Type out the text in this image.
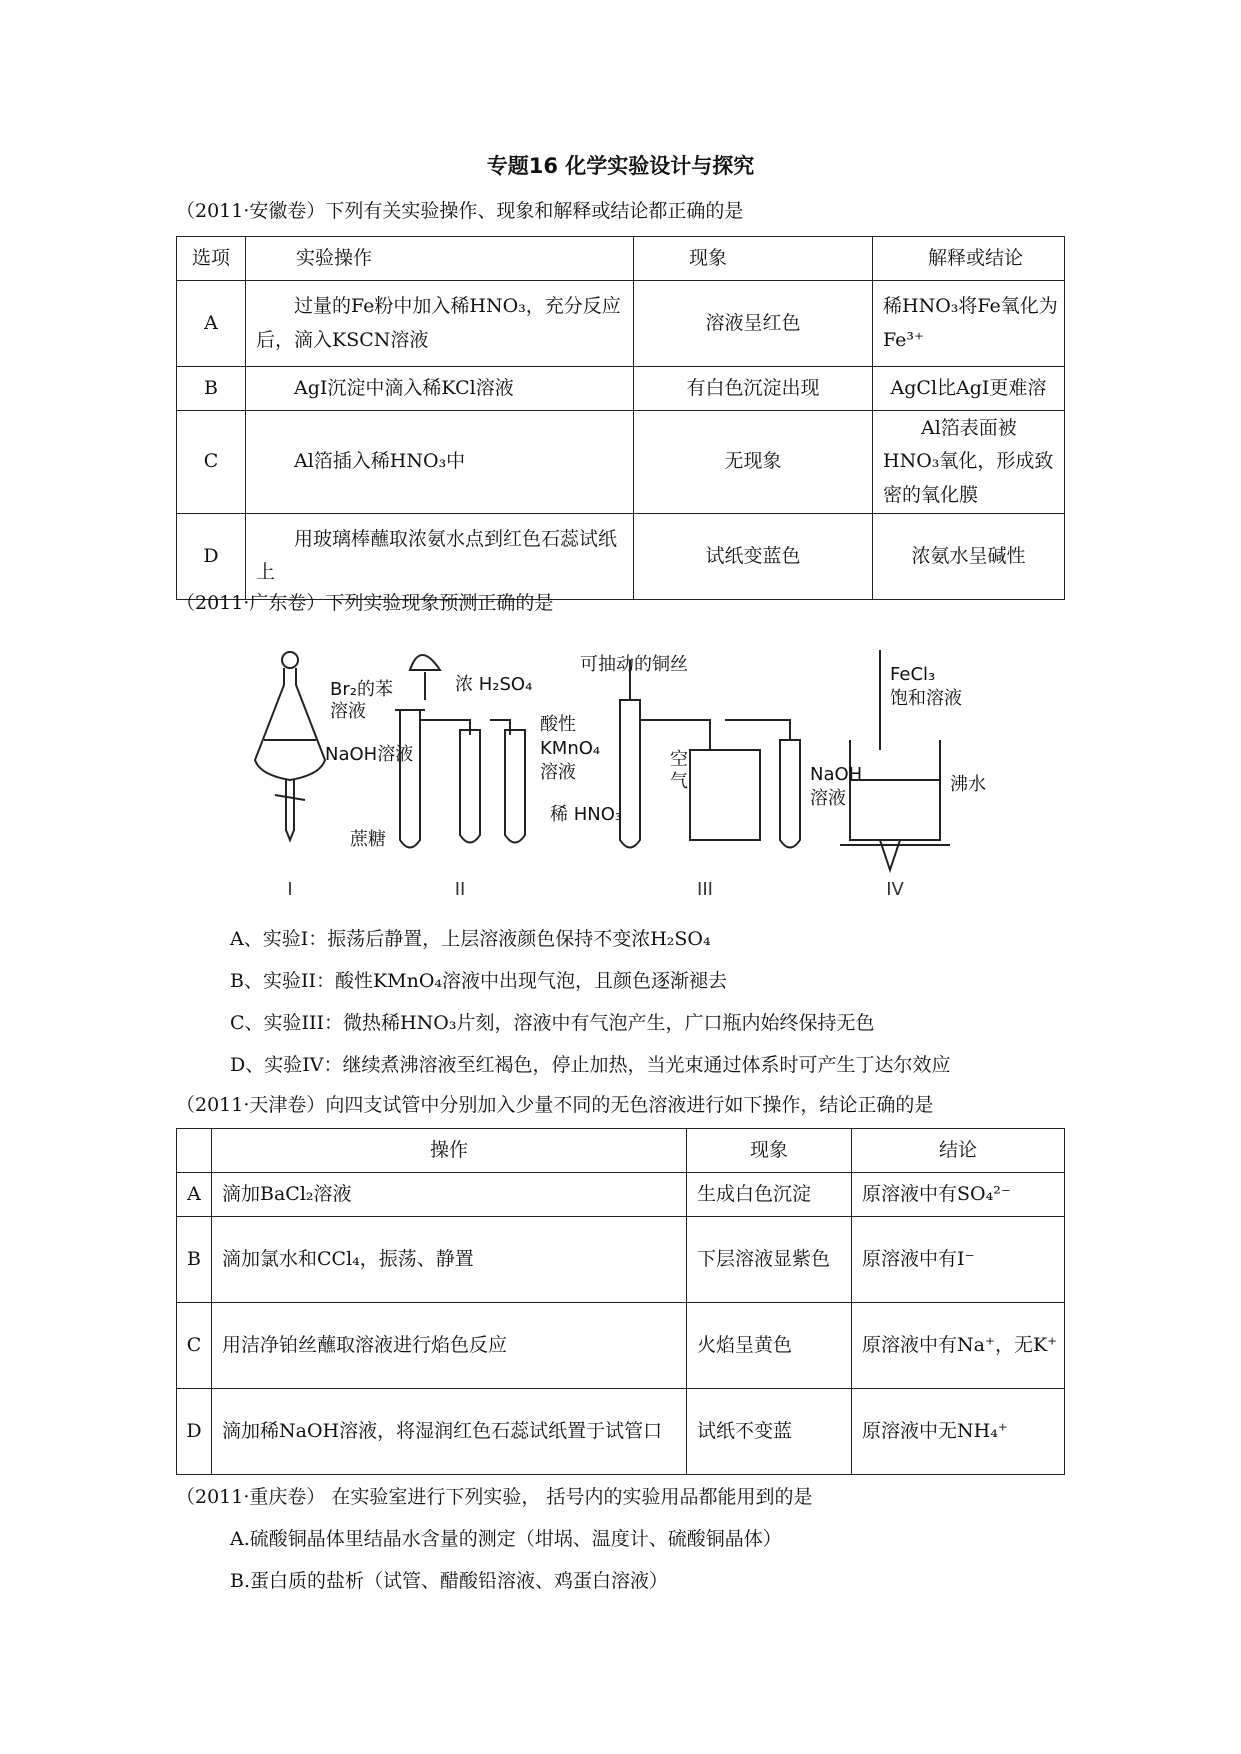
专题16 化学实验设计与探究
（2011·安徽卷）下列有关实验操作、现象和解释或结论都正确的是
选项	实验操作	现象	解释或结论
A	过量的Fe粉中加入稀HNO₃，充分反应后，滴入KSCN溶液	溶液呈红色	稀HNO₃将Fe氧化为Fe³⁺
B	AgI沉淀中滴入稀KCl溶液	有白色沉淀出现	AgCl比AgI更难溶
C	Al箔插入稀HNO₃中	无现象	Al箔表面被HNO₃氧化，形成致密的氧化膜
D	用玻璃棒蘸取浓氨水点到红色石蕊试纸上	试纸变蓝色	浓氨水呈碱性
（2011·广东卷）下列实验现象预测正确的是
Br₂的苯
溶液
NaOH溶液
蔗糖
浓 H₂SO₄
酸性
KMnO₄
溶液
可抽动的铜丝
空
气
稀 HNO₃
NaOH
溶液
FeCl₃
饱和溶液
沸水
I	II	III	IV
A、实验I：振荡后静置，上层溶液颜色保持不变浓H₂SO₄
B、实验II：酸性KMnO₄溶液中出现气泡，且颜色逐渐褪去
C、实验III：微热稀HNO₃片刻，溶液中有气泡产生，广口瓶内始终保持无色
D、实验IV：继续煮沸溶液至红褐色，停止加热，当光束通过体系时可产生丁达尔效应
（2011·天津卷）向四支试管中分别加入少量不同的无色溶液进行如下操作，结论正确的是
	操作	现象	结论
A	滴加BaCl₂溶液	生成白色沉淀	原溶液中有SO₄²⁻
B	滴加氯水和CCl₄，振荡、静置	下层溶液显紫色	原溶液中有I⁻
C	用洁净铂丝蘸取溶液进行焰色反应	火焰呈黄色	原溶液中有Na⁺，无K⁺
D	滴加稀NaOH溶液，将湿润红色石蕊试纸置于试管口	试纸不变蓝	原溶液中无NH₄⁺
（2011·重庆卷） 在实验室进行下列实验， 括号内的实验用品都能用到的是
A.硫酸铜晶体里结晶水含量的测定（坩埚、温度计、硫酸铜晶体）
B.蛋白质的盐析（试管、醋酸铅溶液、鸡蛋白溶液）
